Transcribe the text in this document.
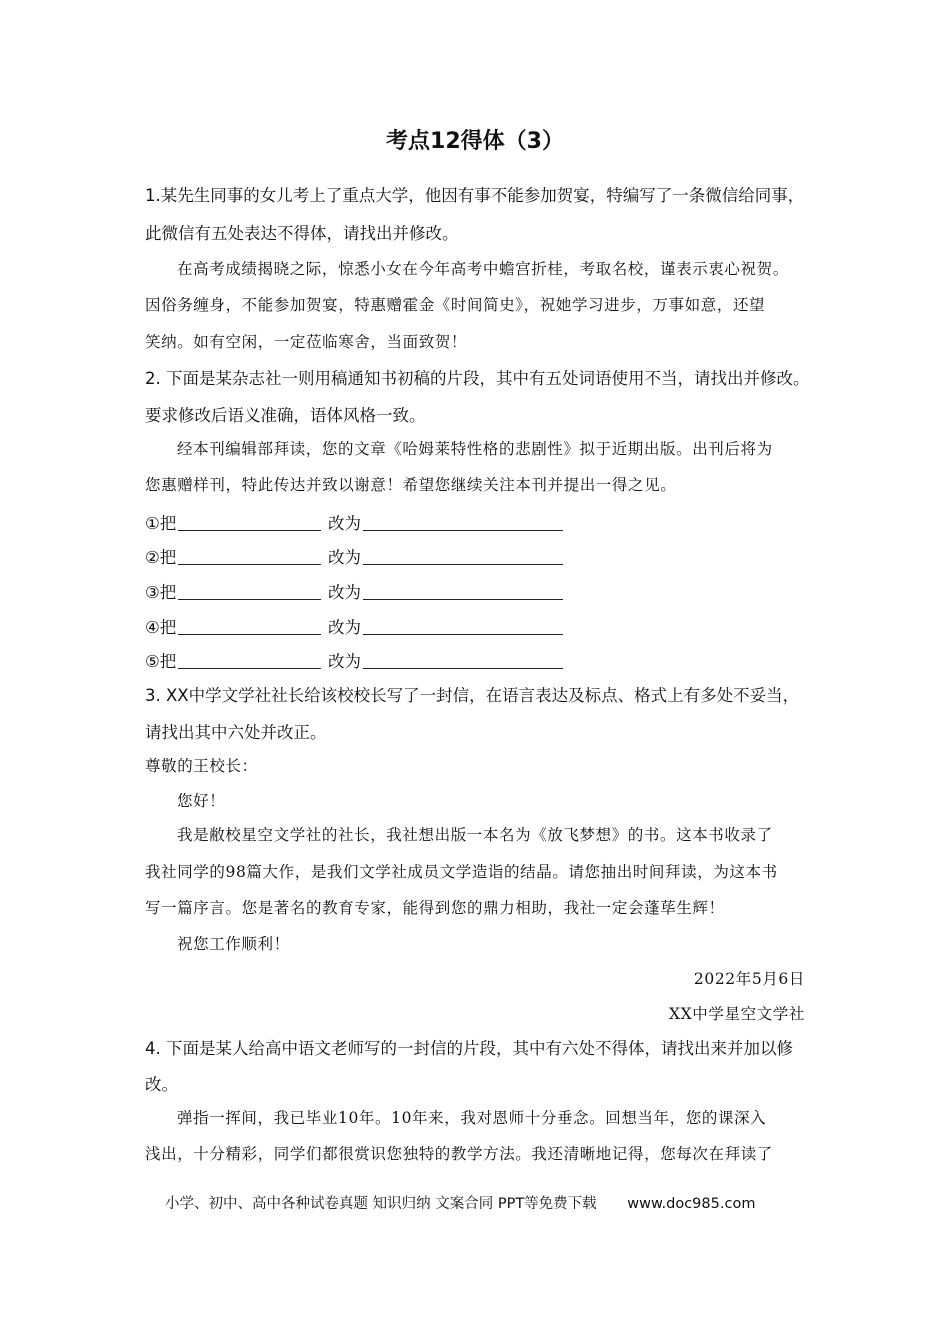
考点12得体（3）
1.某先生同事的女儿考上了重点大学，他因有事不能参加贺宴，特编写了一条微信给同事，
此微信有五处表达不得体，请找出并修改。
在高考成绩揭晓之际，惊悉小女在今年高考中蟾宫折桂，考取名校，谨表示衷心祝贺。
因俗务缠身，不能参加贺宴，特惠赠霍金《时间简史》，祝她学习进步，万事如意，还望
笑纳。如有空闲，一定莅临寒舍，当面致贺！
2. 下面是某杂志社一则用稿通知书初稿的片段，其中有五处词语使用不当，请找出并修改。
要求修改后语义准确，语体风格一致。
经本刊编辑部拜读，您的文章《哈姆莱特性格的悲剧性》拟于近期出版。出刊后将为
您惠赠样刊，特此传达并致以谢意！希望您继续关注本刊并提出一得之见。
①把	改为
②把	改为
③把	改为
④把	改为
⑤把	改为
3. XX中学文学社社长给该校校长写了一封信，在语言表达及标点、格式上有多处不妥当，
请找出其中六处并改正。
尊敬的王校长：
您好！
我是敝校星空文学社的社长，我社想出版一本名为《放飞梦想》的书。这本书收录了
我社同学的98篇大作，是我们文学社成员文学造诣的结晶。请您抽出时间拜读，为这本书
写一篇序言。您是著名的教育专家，能得到您的鼎力相助，我社一定会蓬荜生辉！
祝您工作顺利！
2022年5月6日
XX中学星空文学社
4. 下面是某人给高中语文老师写的一封信的片段，其中有六处不得体，请找出来并加以修
改。
弹指一挥间，我已毕业10年。10年来，我对恩师十分垂念。回想当年，您的课深入
浅出，十分精彩，同学们都很赏识您独特的教学方法。我还清晰地记得，您每次在拜读了
小学、初中、高中各种试卷真题 知识归纳 文案合同 PPT等免费下载 www.doc985.com
